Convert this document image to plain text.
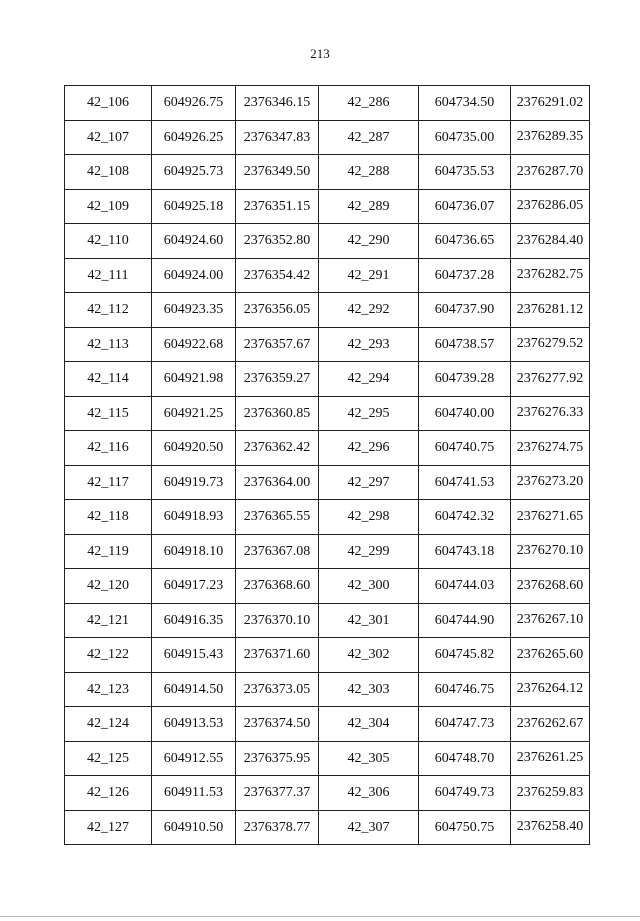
213
42_106	604926.75	2376346.15	42_286	604734.50	2376291.02
42_107	604926.25	2376347.83	42_287	604735.00	2376289.35
42_108	604925.73	2376349.50	42_288	604735.53	2376287.70
42_109	604925.18	2376351.15	42_289	604736.07	2376286.05
42_110	604924.60	2376352.80	42_290	604736.65	2376284.40
42_111	604924.00	2376354.42	42_291	604737.28	2376282.75
42_112	604923.35	2376356.05	42_292	604737.90	2376281.12
42_113	604922.68	2376357.67	42_293	604738.57	2376279.52
42_114	604921.98	2376359.27	42_294	604739.28	2376277.92
42_115	604921.25	2376360.85	42_295	604740.00	2376276.33
42_116	604920.50	2376362.42	42_296	604740.75	2376274.75
42_117	604919.73	2376364.00	42_297	604741.53	2376273.20
42_118	604918.93	2376365.55	42_298	604742.32	2376271.65
42_119	604918.10	2376367.08	42_299	604743.18	2376270.10
42_120	604917.23	2376368.60	42_300	604744.03	2376268.60
42_121	604916.35	2376370.10	42_301	604744.90	2376267.10
42_122	604915.43	2376371.60	42_302	604745.82	2376265.60
42_123	604914.50	2376373.05	42_303	604746.75	2376264.12
42_124	604913.53	2376374.50	42_304	604747.73	2376262.67
42_125	604912.55	2376375.95	42_305	604748.70	2376261.25
42_126	604911.53	2376377.37	42_306	604749.73	2376259.83
42_127	604910.50	2376378.77	42_307	604750.75	2376258.40
